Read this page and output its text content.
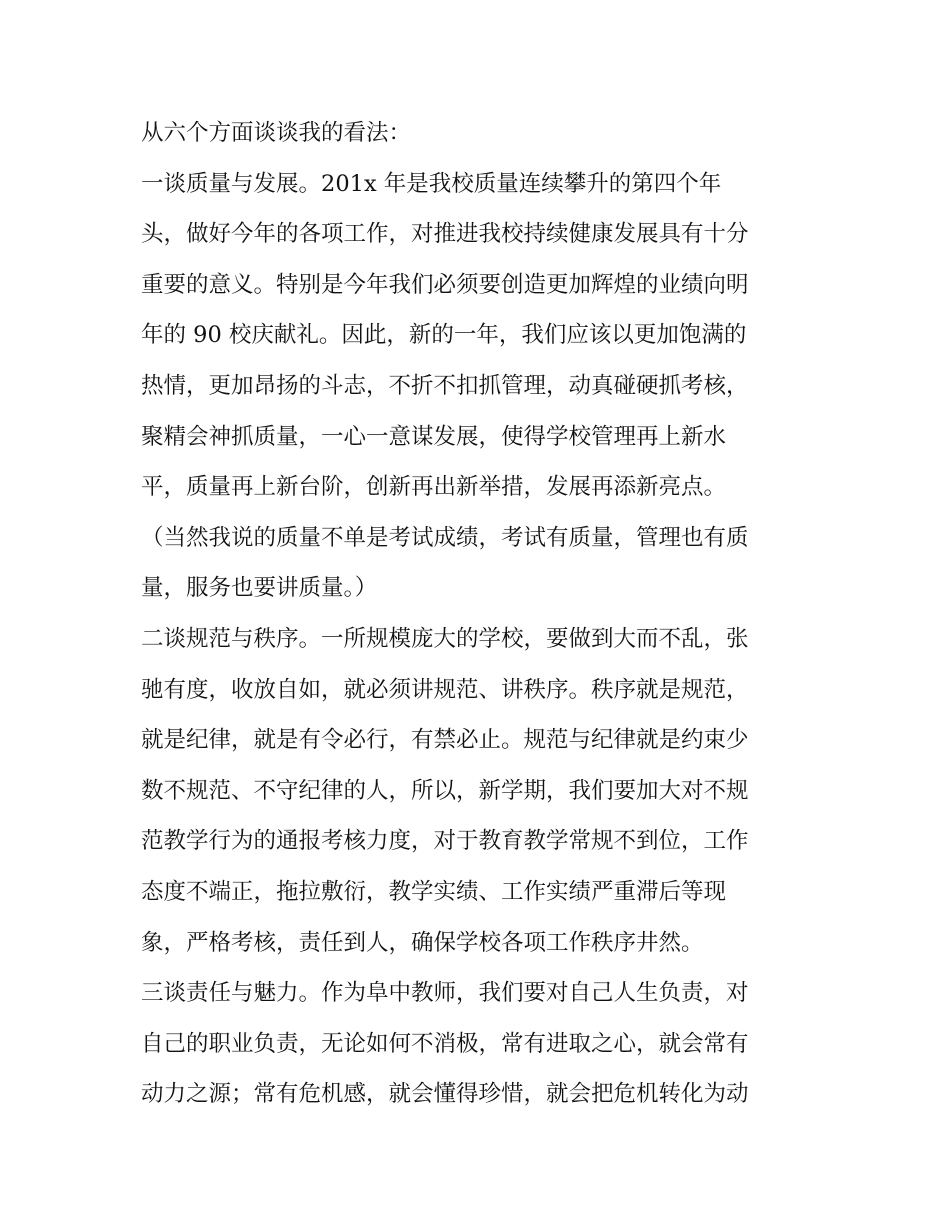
从六个方面谈谈我的看法：
一谈质量与发展。201x 年是我校质量连续攀升的第四个年
头，做好今年的各项工作，对推进我校持续健康发展具有十分
重要的意义。特别是今年我们必须要创造更加辉煌的业绩向明
年的 90 校庆献礼。因此，新的一年，我们应该以更加饱满的
热情，更加昂扬的斗志，不折不扣抓管理，动真碰硬抓考核，
聚精会神抓质量，一心一意谋发展，使得学校管理再上新水
平，质量再上新台阶，创新再出新举措，发展再添新亮点。
（当然我说的质量不单是考试成绩，考试有质量，管理也有质
量，服务也要讲质量。）
二谈规范与秩序。一所规模庞大的学校，要做到大而不乱，张
驰有度，收放自如，就必须讲规范、讲秩序。秩序就是规范，
就是纪律，就是有令必行，有禁必止。规范与纪律就是约束少
数不规范、不守纪律的人，所以，新学期，我们要加大对不规
范教学行为的通报考核力度，对于教育教学常规不到位，工作
态度不端正，拖拉敷衍，教学实绩、工作实绩严重滞后等现
象，严格考核，责任到人，确保学校各项工作秩序井然。
三谈责任与魅力。作为阜中教师，我们要对自己人生负责，对
自己的职业负责，无论如何不消极，常有进取之心，就会常有
动力之源；常有危机感，就会懂得珍惜，就会把危机转化为动
